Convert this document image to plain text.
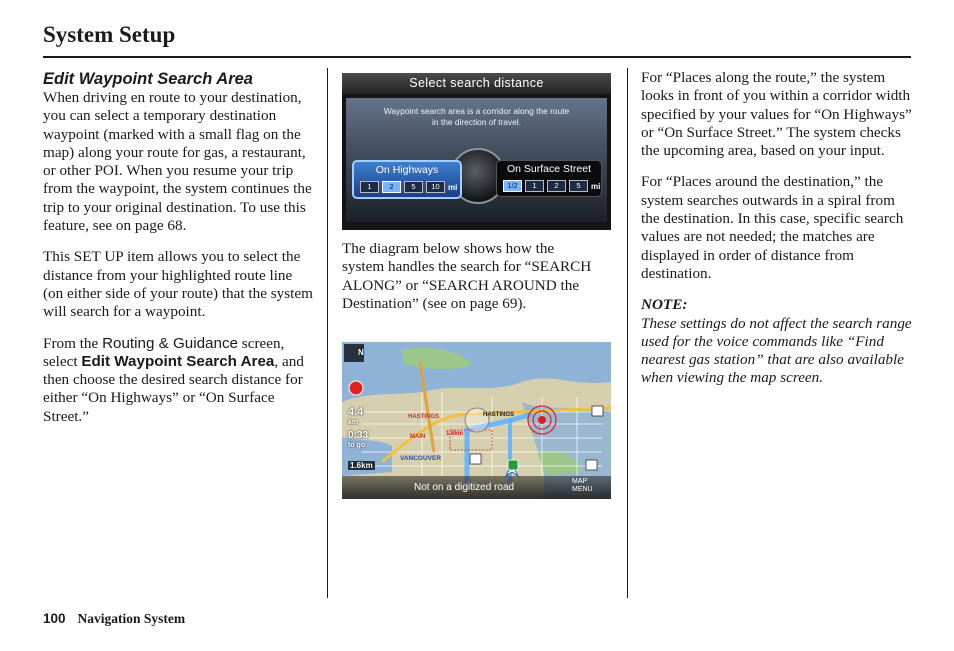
System Setup
Edit Waypoint Search Area

When driving en route to your destination, you can select a temporary destination waypoint (marked with a small flag on the map) along your route for gas, a restaurant, or other POI. When you resume your trip from the waypoint, the system continues the trip to your original destination. To use this feature, see on page 68.

This SET UP item allows you to select the distance from your highlighted route line (on either side of your route) that the system will search for a waypoint.

From the Routing & Guidance screen, select Edit Waypoint Search Area, and then choose the desired search distance for either “On Highways” or “On Surface Street.”

Select search distance
Waypoint search area is a corridor along the route
in the direction of travel.
On Highways
1	2	5	10	mi
On Surface Street
1/2	1	2	5	mi

The diagram below shows how the system handles the search for “SEARCH ALONG” or “SEARCH AROUND the Destination” (see on page 69).

N
4.4
km
0:33
to go
1.6km
HASTINGS
HASTINGS
MAIN	1.6km
VANCOUVER
Not on a digitized road
MAP
MENU

For “Places along the route,” the system looks in front of you within a corridor width specified by your values for “On Highways” or “On Surface Street.” The system checks the upcoming area, based on your input.

For “Places around the destination,” the system searches outwards in a spiral from the destination. In this case, specific search values are not needed; the matches are displayed in order of distance from destination.

NOTE:

These settings do not affect the search range used for the voice commands like “Find nearest gas station” that are also available when viewing the map screen.

100 Navigation System
